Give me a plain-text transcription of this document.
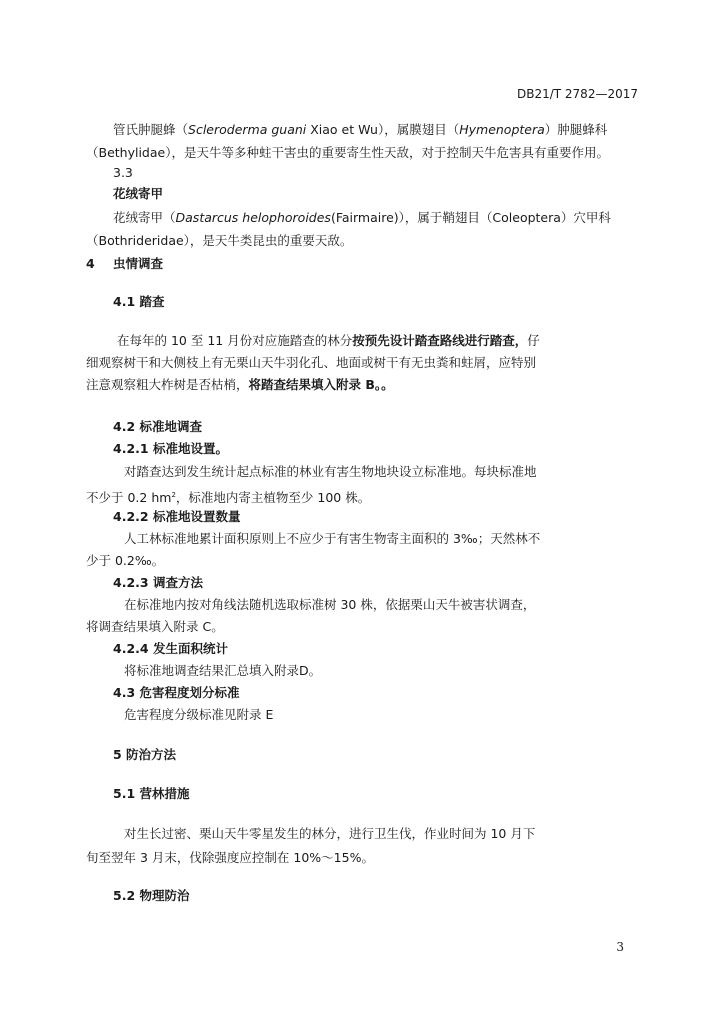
DB21/T 2782—2017
管氏肿腿蜂（Scleroderma guani Xiao et Wu），属膜翅目（Hymenoptera）肿腿蜂科
（Bethylidae），是天牛等多种蛀干害虫的重要寄生性天敌，对于控制天牛危害具有重要作用。
3.3
花绒寄甲
花绒寄甲（Dastarcus helophoroides(Fairmaire)），属于鞘翅目（Coleoptera）穴甲科
（Bothrideridae），是天牛类昆虫的重要天敌。
4 虫情调查
4.1 踏查
在每年的 10 至 11 月份对应施踏查的林分按预先设计踏查路线进行踏查，仔
细观察树干和大侧枝上有无栗山天牛羽化孔、地面或树干有无虫粪和蛀屑，应特别
注意观察粗大柞树是否枯梢，将踏查结果填入附录 B。。
4.2 标准地调查
4.2.1 标准地设置。
对踏查达到发生统计起点标准的林业有害生物地块设立标准地。每块标准地
不少于 0.2 $hm^2$，标准地内寄主植物至少 100 株。
4.2.2 标准地设置数量
人工林标准地累计面积原则上不应少于有害生物寄主面积的 3‰；天然林不
少于 0.2‰。
4.2.3 调查方法
在标准地内按对角线法随机选取标准树 30 株，依据栗山天牛被害状调查，
将调查结果填入附录 C。
4.2.4 发生面积统计
将标准地调查结果汇总填入附录D。
4.3 危害程度划分标准
危害程度分级标准见附录 E
5 防治方法
5.1 营林措施
对生长过密、栗山天牛零星发生的林分，进行卫生伐，作业时间为 10 月下
旬至翌年 3 月末，伐除强度应控制在 10%～15%。
5.2 物理防治
3
